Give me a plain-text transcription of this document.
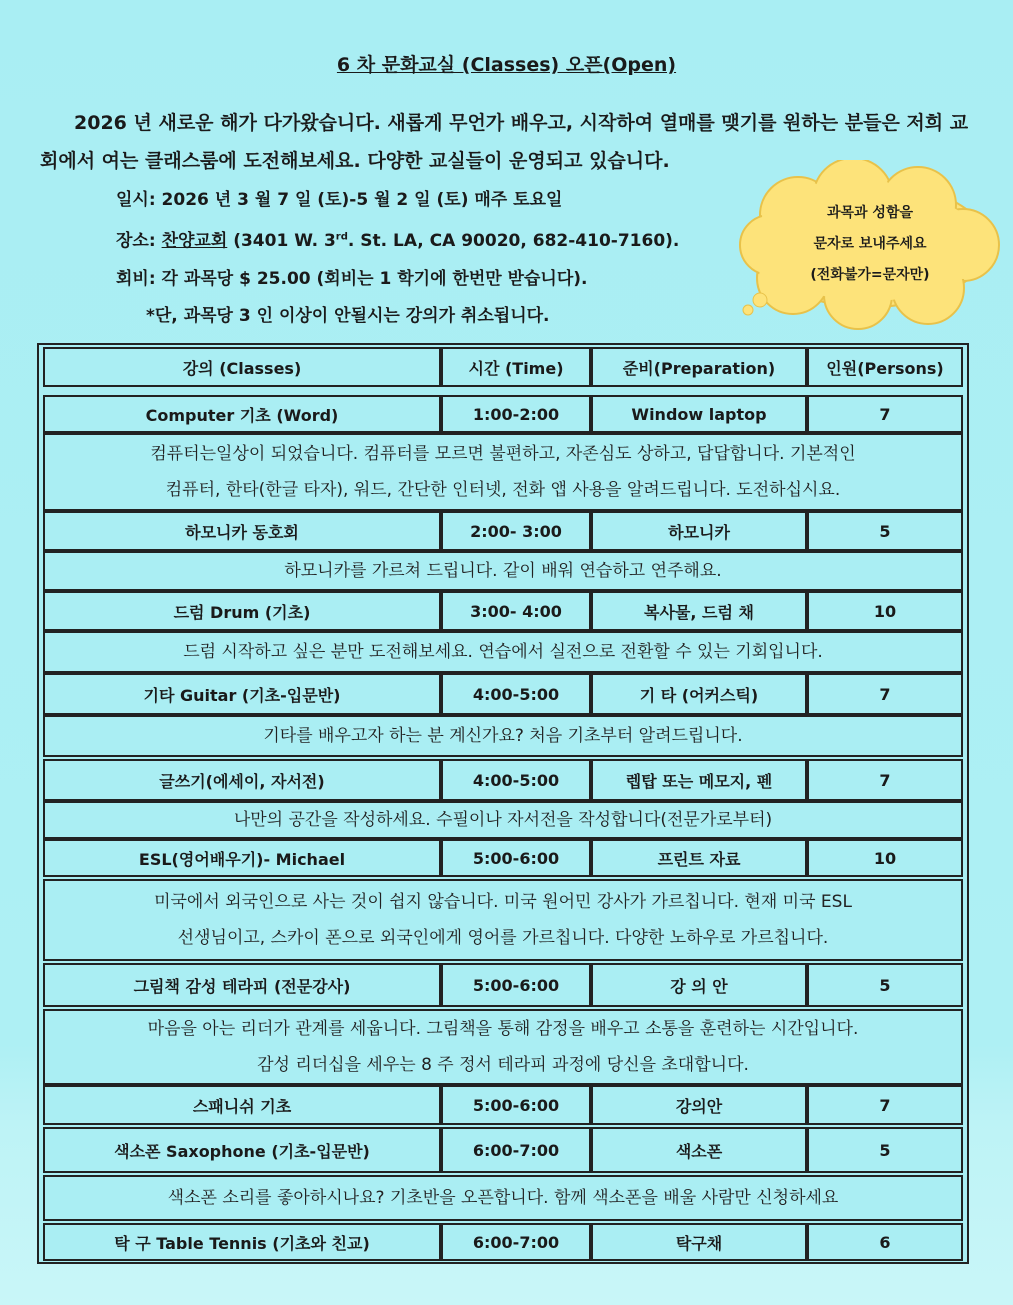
6 차 문화교실 (Classes) 오픈(Open)

2026 년 새로운 해가 다가왔습니다. 새롭게 무언가 배우고, 시작하여 열매를 맺기를 원하는 분들은 저희 교회에서 여는 클래스룸에 도전해보세요. 다양한 교실들이 운영되고 있습니다.

일시: 2026 년 3 월 7 일 (토)-5 월 2 일 (토) 매주 토요일
장소: 찬양교회 (3401 W. 3rd. St. LA, CA 90020, 682-410-7160).
회비: 각 과목당 $ 25.00 (회비는 1 학기에 한번만 받습니다).
*단, 과목당 3 인 이상이 안될시는 강의가 취소됩니다.
과목과 성함을
문자로 보내주세요
(전화불가=문자만)
강의 (Classes)	시간 (Time)	준비(Preparation)	인원(Persons)
Computer 기초 (Word)	1:00-2:00	Window laptop	7
컴퓨터는일상이 되었습니다. 컴퓨터를 모르면 불편하고, 자존심도 상하고, 답답합니다. 기본적인
컴퓨터, 한타(한글 타자), 워드, 간단한 인터넷, 전화 앱 사용을 알려드립니다. 도전하십시요.
하모니카 동호회	2:00- 3:00	하모니카	5
하모니카를 가르쳐 드립니다. 같이 배워 연습하고 연주해요.
드럼 Drum (기초)	3:00- 4:00	복사물, 드럼 채	10
드럼 시작하고 싶은 분만 도전해보세요. 연습에서 실전으로 전환할 수 있는 기회입니다.
기타 Guitar (기초-입문반)	4:00-5:00	기 타 (어커스틱)	7
기타를 배우고자 하는 분 계신가요? 처음 기초부터 알려드립니다.
글쓰기(에세이, 자서전)	4:00-5:00	렙탑 또는 메모지, 펜	7
나만의 공간을 작성하세요. 수필이나 자서전을 작성합니다(전문가로부터)
ESL(영어배우기)- Michael	5:00-6:00	프린트 자료	10
미국에서 외국인으로 사는 것이 쉽지 않습니다. 미국 원어민 강사가 가르칩니다. 현재 미국 ESL
선생님이고, 스카이 폰으로 외국인에게 영어를 가르칩니다. 다양한 노하우로 가르칩니다.
그림책 감성 테라피 (전문강사)	5:00-6:00	강 의 안	5
마음을 아는 리더가 관계를 세웁니다. 그림책을 통해 감정을 배우고 소통을 훈련하는 시간입니다.
감성 리더십을 세우는 8 주 정서 테라피 과정에 당신을 초대합니다.
스패니쉬 기초	5:00-6:00	강의안	7
색소폰 Saxophone (기초-입문반)	6:00-7:00	색소폰	5
색소폰 소리를 좋아하시나요? 기초반을 오픈합니다. 함께 색소폰을 배울 사람만 신청하세요
탁 구 Table Tennis (기초와 친교)	6:00-7:00	탁구채	6
